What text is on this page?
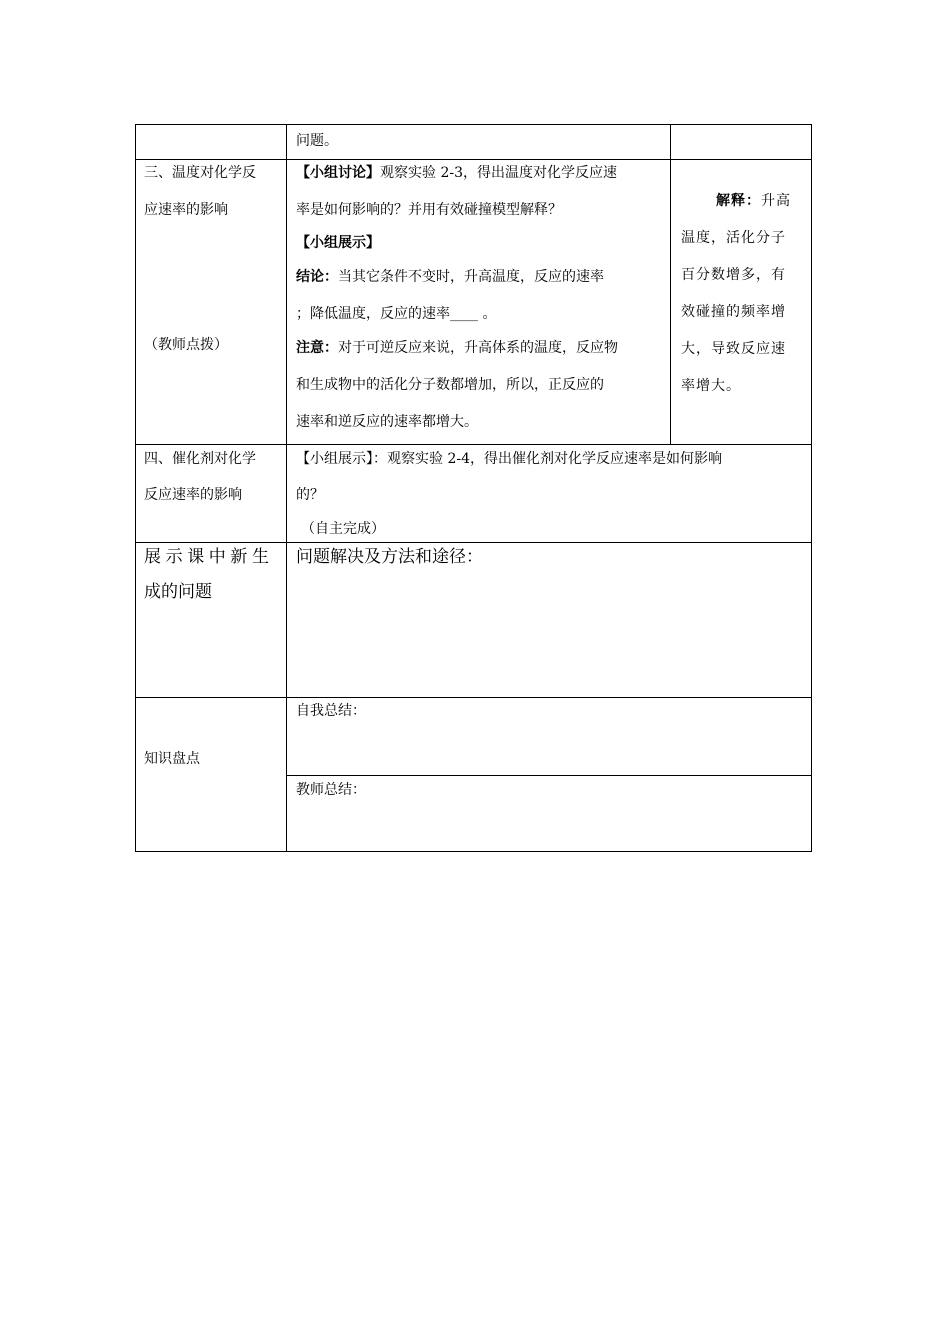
问题。
三、温度对化学反
应速率的影响
（教师点拨）
【小组讨论】观察实验 2-3，得出温度对化学反应速
率是如何影响的？并用有效碰撞模型解释？
【小组展示】
结论：当其它条件不变时，升高温度，反应的速率
；降低温度，反应的速率____ 。
注意：对于可逆反应来说，升高体系的温度，反应物
和生成物中的活化分子数都增加，所以，正反应的
速率和逆反应的速率都增大。
解释：升高
温度，活化分子
百分数增多，有
效碰撞的频率增
大，导致反应速
率增大。
四、催化剂对化学
反应速率的影响
【小组展示】：观察实验 2-4，得出催化剂对化学反应速率是如何影响
的？
（自主完成）
展示课中新生
成的问题
问题解决及方法和途径：
知识盘点
自我总结：
教师总结：
